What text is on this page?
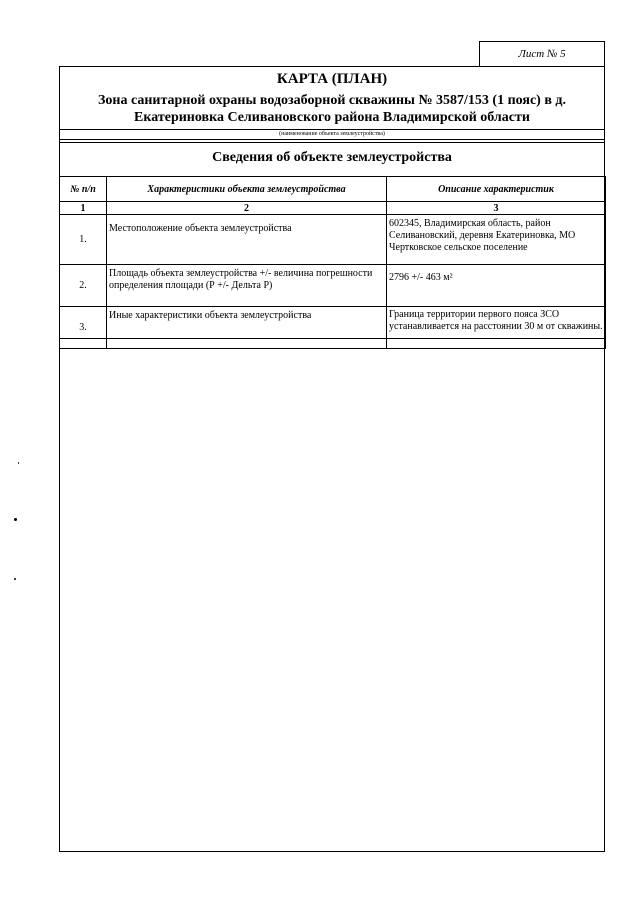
Лист № 5
КАРТА (ПЛАН)
Зона санитарной охраны водозаборной скважины № 3587/153 (1 пояс) в д. Екатериновка Селивановского района Владимирской области
(наименование объекта землеустройства)
Сведения об объекте землеустройства
№ п/п	Характеристики объекта землеустройства	Описание характеристик
1	2	3
1.	Местоположение объекта землеустройства	602345, Владимирская область, район Селивановский, деревня Екатериновка, МО Чертковское сельское поселение
2.	Площадь объекта землеустройства +/- величина погрешности определения площади (Р +/- Дельта Р)	2796 +/- 463 м²
3.	Иные характеристики объекта землеустройства	Граница территории первого пояса ЗСО устанавливается на расстоянии 30 м от скважины.
